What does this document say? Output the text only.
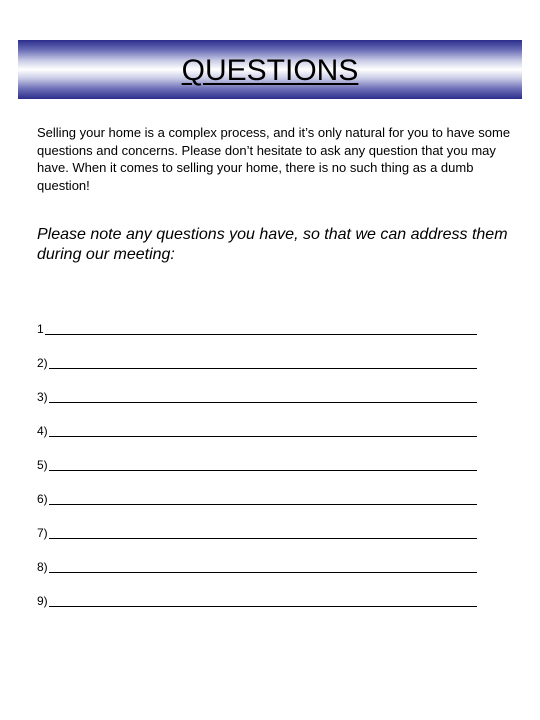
QUESTIONS

Selling your home is a complex process, and it’s only natural for you to have some questions and concerns. Please don’t hesitate to ask any question that you may have. When it comes to selling your home, there is no such thing as a dumb question!

Please note any questions you have, so that we can address them during our meeting:

1
2)
3)
4)
5)
6)
7)
8)
9)
